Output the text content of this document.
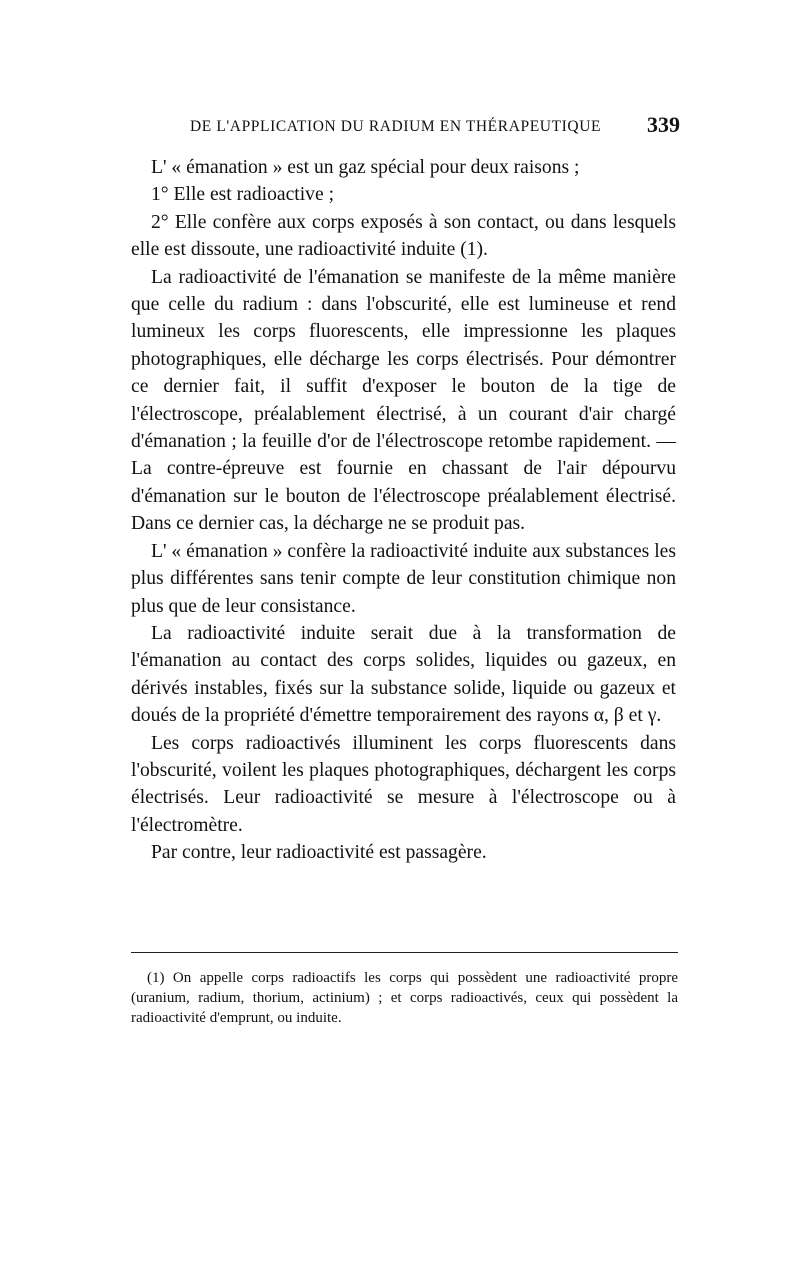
DE L'APPLICATION DU RADIUM EN THÉRAPEUTIQUE 339

L' « émanation » est un gaz spécial pour deux raisons ;

1° Elle est radioactive ;

2° Elle confère aux corps exposés à son contact, ou dans lesquels elle est dissoute, une radioactivité induite (1).

La radioactivité de l'émanation se manifeste de la même manière que celle du radium : dans l'obscurité, elle est lumineuse et rend lumineux les corps fluorescents, elle impressionne les plaques photographiques, elle décharge les corps électrisés. Pour démontrer ce dernier fait, il suffit d'exposer le bouton de la tige de l'électroscope, préalablement électrisé, à un courant d'air chargé d'émanation ; la feuille d'or de l'électroscope retombe rapidement. — La contre-épreuve est fournie en chassant de l'air dépourvu d'émanation sur le bouton de l'électroscope préalablement électrisé. Dans ce dernier cas, la décharge ne se produit pas.

L' « émanation » confère la radioactivité induite aux substances les plus différentes sans tenir compte de leur constitution chimique non plus que de leur consistance.

La radioactivité induite serait due à la transformation de l'émanation au contact des corps solides, liquides ou gazeux, en dérivés instables, fixés sur la substance solide, liquide ou gazeux et doués de la propriété d'émettre temporairement des rayons α, β et γ.

Les corps radioactivés illuminent les corps fluorescents dans l'obscurité, voilent les plaques photographiques, déchargent les corps électrisés. Leur radioactivité se mesure à l'électroscope ou à l'électromètre.

Par contre, leur radioactivité est passagère.

(1) On appelle corps radioactifs les corps qui possèdent une radioactivité propre (uranium, radium, thorium, actinium) ; et corps radioactivés, ceux qui possèdent la radioactivité d'emprunt, ou induite.
